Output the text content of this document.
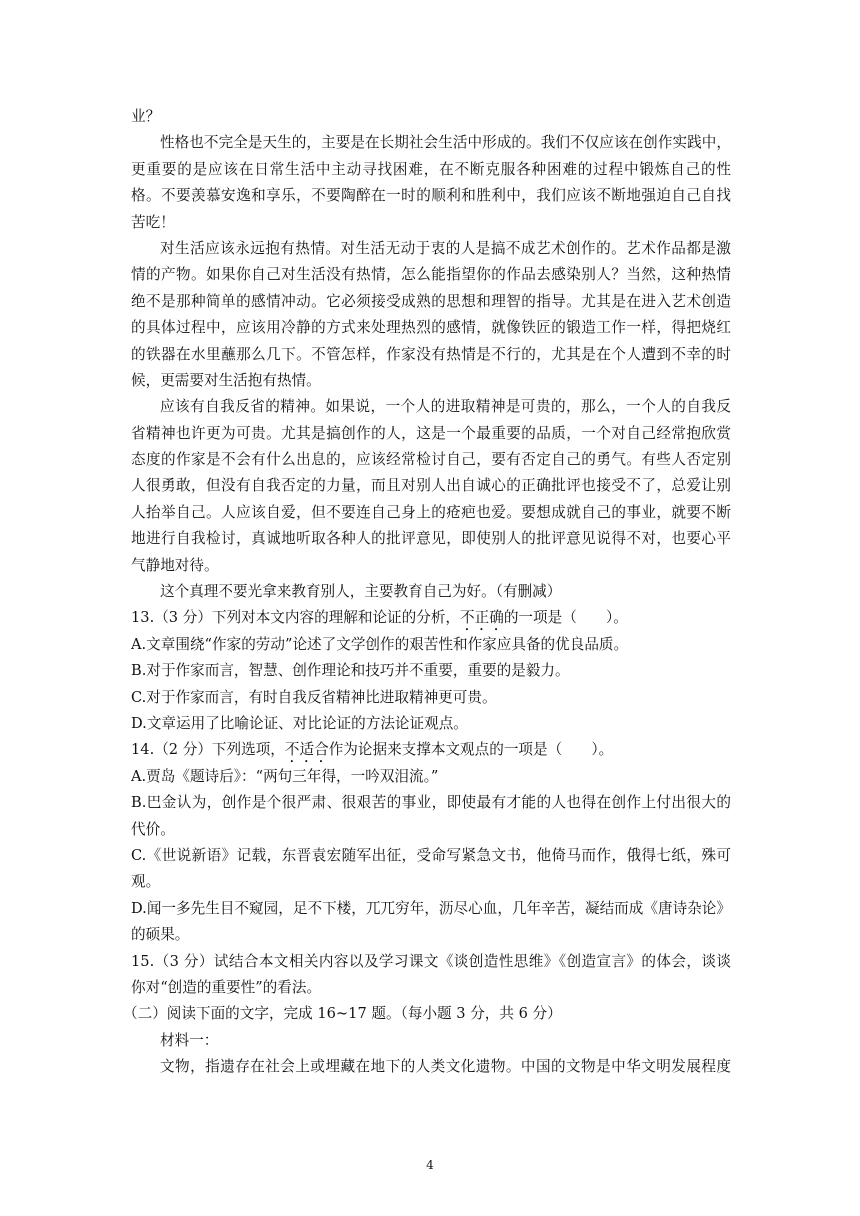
业？
性格也不完全是天生的，主要是在长期社会生活中形成的。我们不仅应该在创作实践中，
更重要的是应该在日常生活中主动寻找困难，在不断克服各种困难的过程中锻炼自己的性
格。不要羡慕安逸和享乐，不要陶醉在一时的顺利和胜利中，我们应该不断地强迫自己自找
苦吃！
对生活应该永远抱有热情。对生活无动于衷的人是搞不成艺术创作的。艺术作品都是激
情的产物。如果你自己对生活没有热情，怎么能指望你的作品去感染别人？当然，这种热情
绝不是那种简单的感情冲动。它必须接受成熟的思想和理智的指导。尤其是在进入艺术创造
的具体过程中，应该用冷静的方式来处理热烈的感情，就像铁匠的锻造工作一样，得把烧红
的铁器在水里蘸那么几下。不管怎样，作家没有热情是不行的，尤其是在个人遭到不幸的时
候，更需要对生活抱有热情。
应该有自我反省的精神。如果说，一个人的进取精神是可贵的，那么，一个人的自我反
省精神也许更为可贵。尤其是搞创作的人，这是一个最重要的品质，一个对自己经常抱欣赏
态度的作家是不会有什么出息的，应该经常检讨自己，要有否定自己的勇气。有些人否定别
人很勇敢，但没有自我否定的力量，而且对别人出自诚心的正确批评也接受不了，总爱让别
人抬举自己。人应该自爱，但不要连自己身上的疮疤也爱。要想成就自己的事业，就要不断
地进行自我检讨，真诚地听取各种人的批评意见，即使别人的批评意见说得不对，也要心平
气静地对待。
这个真理不要光拿来教育别人，主要教育自己为好。（有删减）
13.（3 分）下列对本文内容的理解和论证的分析，不正确的一项是（　　）。
A.文章围绕“作家的劳动”论述了文学创作的艰苦性和作家应具备的优良品质。
B.对于作家而言，智慧、创作理论和技巧并不重要，重要的是毅力。
C.对于作家而言，有时自我反省精神比进取精神更可贵。
D.文章运用了比喻论证、对比论证的方法论证观点。
14.（2 分）下列选项，不适合作为论据来支撑本文观点的一项是（　　）。
A.贾岛《题诗后》：“两句三年得，一吟双泪流。”
B.巴金认为，创作是个很严肃、很艰苦的事业，即使最有才能的人也得在创作上付出很大的
代价。
C.《世说新语》记载，东晋袁宏随军出征，受命写紧急文书，他倚马而作，俄得七纸，殊可
观。
D.闻一多先生目不窥园，足不下楼，兀兀穷年，沥尽心血，几年辛苦，凝结而成《唐诗杂论》
的硕果。
15.（3 分）试结合本文相关内容以及学习课文《谈创造性思维》《创造宣言》的体会，谈谈
你对“创造的重要性”的看法。
（二）阅读下面的文字，完成 16~17 题。（每小题 3 分，共 6 分）
材料一：
文物，指遗存在社会上或埋藏在地下的人类文化遗物。中国的文物是中华文明发展程度
4
